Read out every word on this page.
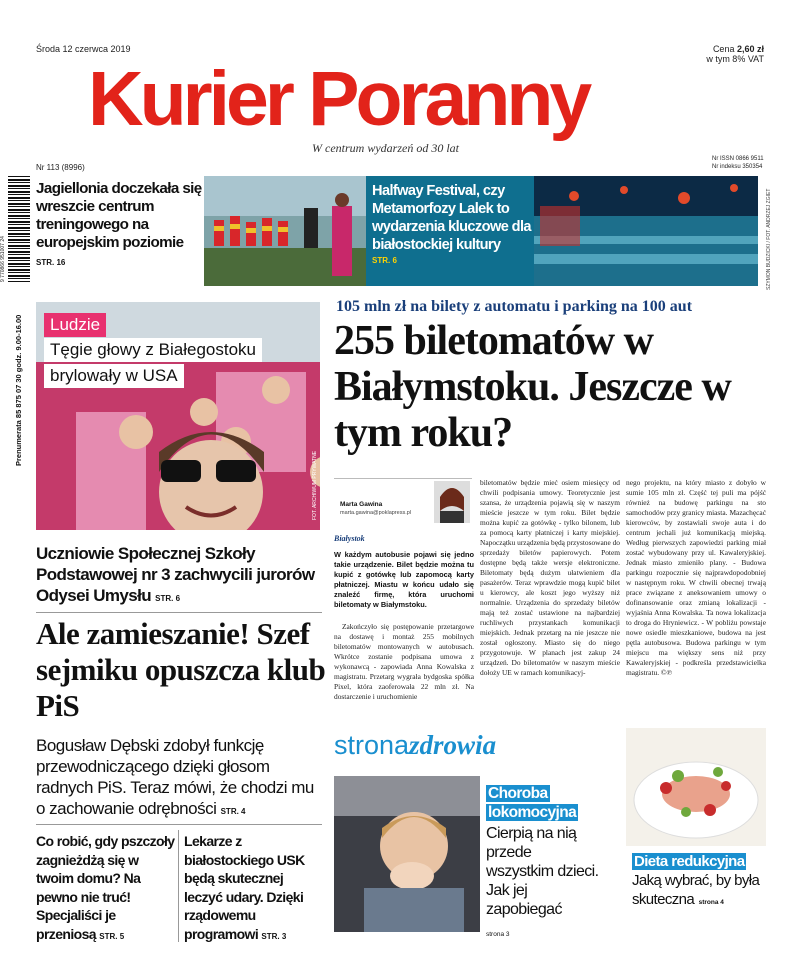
Środa 12 czerwca 2019	Cena 2,60 zł
w tym 8% VAT
Kurier Poranny
W centrum wydarzeń od 30 lat
Nr 113 (8996)
Nr ISSN 0866 9511
Nr indeksu 350354
9 770866 951007 24
Prenumerata 85 875 07 30 godz. 9.00-16.00
SZYMON BUDZICKI / FOT. ANDRZEJ ZGIET
Jagiellonia doczekała się wreszcie centrum treningowego na europejskim poziomie
STR. 16
Halfway Festival, czy Metamorfozy Lalek to wydarzenia kluczowe dla białostockiej kultury
STR. 6
Ludzie
Tęgie głowy z Białegostoku
brylowały w USA
FOT. ARCHIWUM PRYWATNE
Uczniowie Społecznej Szkoły Podstawowej nr 3 zachwycili jurorów Odysei Umysłu STR. 6
Ale zamieszanie! Szef sejmiku opuszcza klub PiS
Bogusław Dębski zdobył funkcję przewodniczącego dzięki głosom radnych PiS. Teraz mówi, że chodzi mu o zachowanie odrębności STR. 4
Co robić, gdy pszczoły zagnieżdżą się w twoim domu? Na pewno nie truć! Specjaliści je przeniosą STR. 5
Lekarze z białostockiego USK będą skutecznej leczyć udary. Dzięki rządowemu programowi STR. 3
105 mln zł na bilety z automatu i parking na 100 aut
255 biletomatów w Białymstoku. Jeszcze w tym roku?
Marta Gawina
marta.gawina@poklapress.pl
Białystok
W każdym autobusie pojawi się jedno takie urządzenie. Bilet będzie można tu kupić z gotówkę lub zapomocą karty płatniczej. Miastu w końcu udało się znaleźć firmę, która uruchomi biletomaty w Białymstoku.
Zakończyło się postępowanie przetargowe na dostawę i montaż 255 mobilnych biletomatów montowanych w autobusach. Wkrótce zostanie podpisana umowa z wykonawcą - zapowiada Anna Kowalska z magistratu. Przetarg wygrała bydgoska spółka Pixel, która zaoferowała 22 mln zł. Na dostarczenie i uruchomienie
biletomatów będzie mieć osiem miesięcy od chwili podpisania umowy. Teoretycznie jest szansa, że urządzenia pojawią się w naszym mieście jeszcze w tym roku. Bilet będzie można kupić za gotówkę - tylko bilonem, lub za pomocą karty płatniczej i karty miejskiej. Napoczątku urządzenia będą przystosowane do sprzedaży biletów papierowych. Potem dostępne będą także wersje elektroniczne. Biletomaty będą dużym ułatwieniem dla pasażerów. Teraz wprawdzie mogą kupić bilet u kierowcy, ale koszt jego wyższy niż normalnie. Urządzenia do sprzedaży biletów mają też zostać ustawione na najbardziej ruchliwych przystankach komunikacji miejskich. Jednak przetarg na nie jeszcze nie został ogłoszony. Miasto się do niego przygotowuje. W planach jest zakup 24 urządzeń. Do biletomatów w naszym mieście dołoży UE w ramach komunikacyj-
nego projektu, na który miasto z dobyło w sumie 105 mln zł. Część tej puli ma pójść również na budowę parkingu na sto samochodów przy granicy miasta. Mazachęcać kierowców, by zostawiali swoje auta i do centrum jechali już komunikacją miejską. Według pierwszych zapowiedzi parking miał zostać wybudowany przy ul. Kawaleryjskiej. Jednak miasto zmieniło plany. - Budowa parkingu rozpocznie się najprawdopodobniej w następnym roku. W chwili obecnej trwają prace związane z aneksowaniem umowy o dofinansowanie oraz zmianą lokalizacji - wyjaśnia Anna Kowalska. Ta nowa lokalizacja to droga do Hryniewicz. - W pobliżu powstaje nowe osiedle mieszkaniowe, budowa na jest pętla autobusowa. Budowa parkingu w tym miejscu ma większy sens niż przy Kawaleryjskiej - podkreśla przedstawicielka magistratu. ©℗
stronazdrowia
Choroba lokomocyjna
Cierpią na nią przede wszystkim dzieci. Jak jej zapobiegać
strona 3
Dieta redukcyjna Jaką wybrać, by była skuteczna strona 4
